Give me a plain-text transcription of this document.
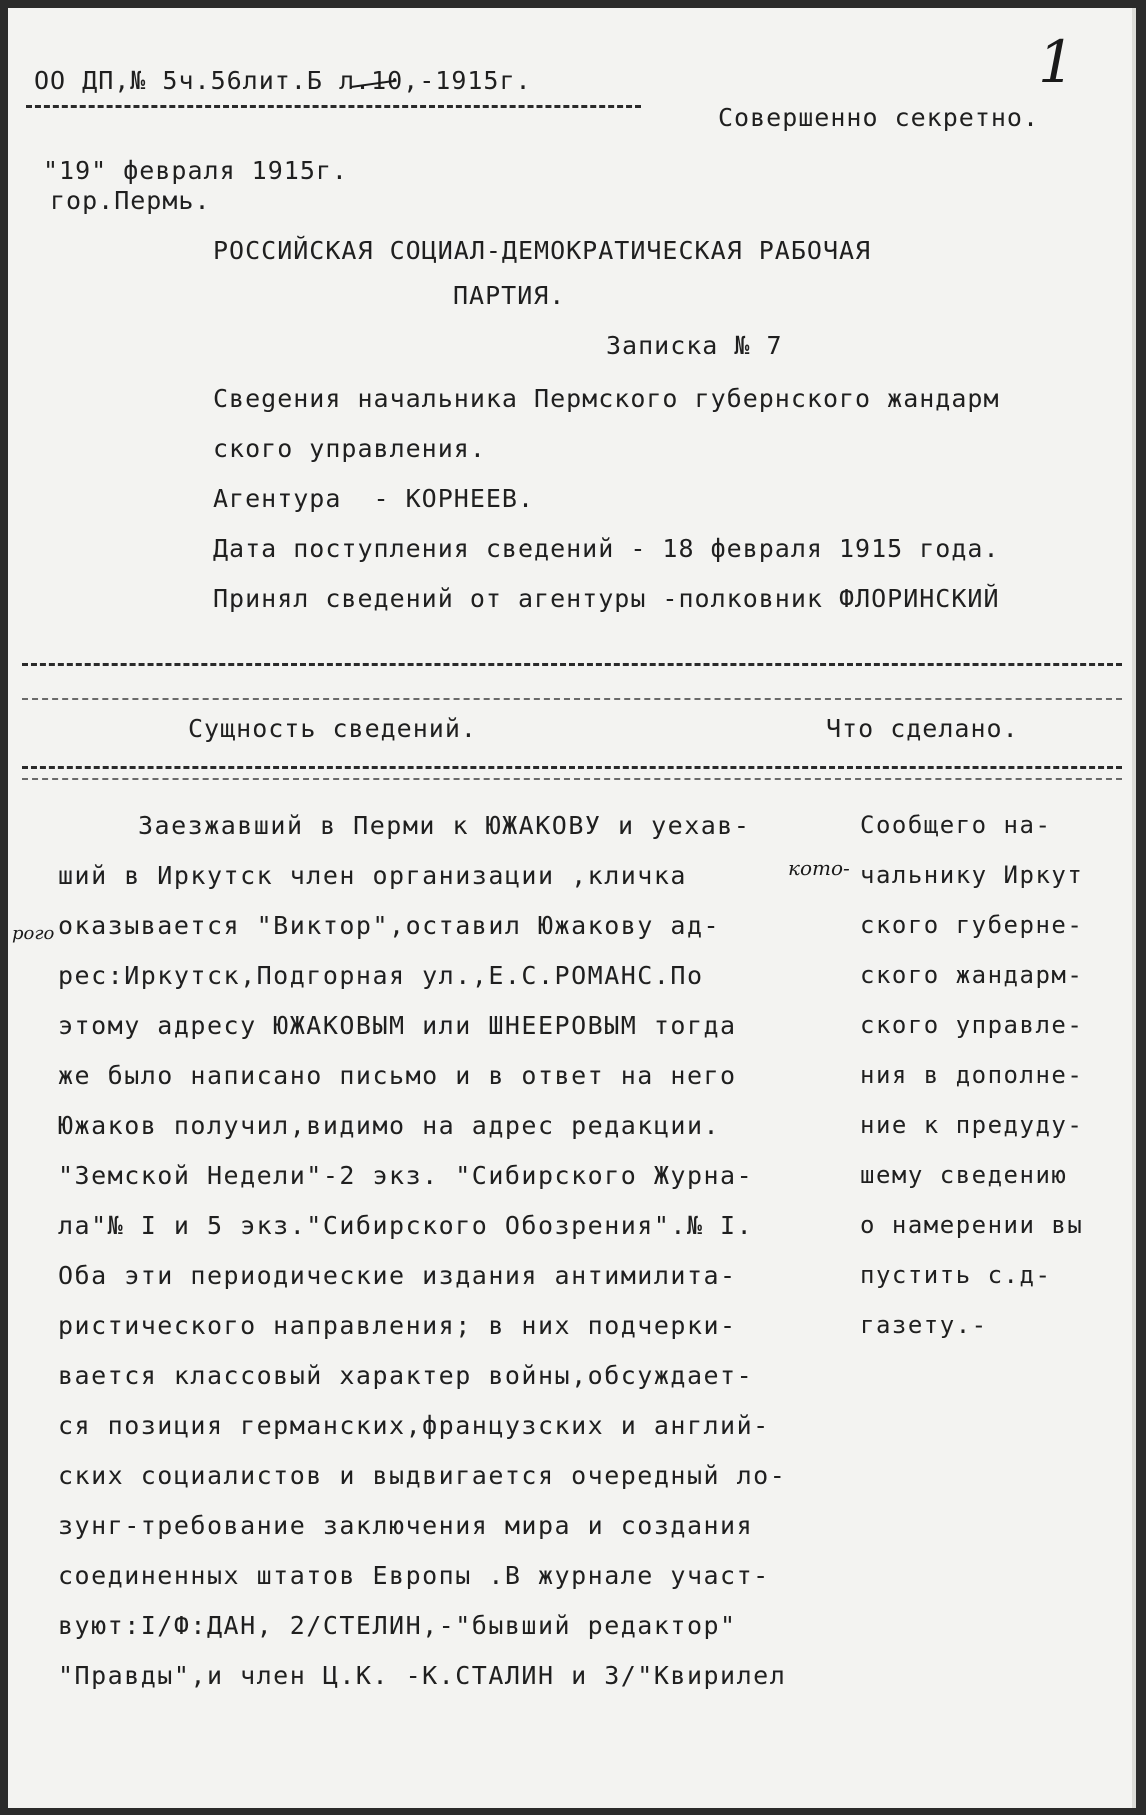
1
ОО ДП,№ 5ч.56лит.Б л.10,-1915г.
Совершенно секретно.
"19" февраля 1915г.
гор.Пермь.
РОССИЙСКАЯ СОЦИАЛ-ДЕМОКРАТИЧЕСКАЯ РАБОЧАЯ
ПАРТИЯ.
Записка № 7
Свеgения начальника Пермского губернского жандарм
ского управления.
Агентура  - КОРНЕЕВ.
Дата поступления сведений - 18 февраля 1915 года.
Принял сведений от агентуры -полковник ФЛОРИНСКИЙ
Сущность сведений.	Что сделано.
Заезжавший в Перми к ЮЖАКОВУ и уехав-
ший в Иркутск член организации ,кличка
оказывается "Виктор",оставил Южакову ад-
рес:Иркутск,Подгорная ул.,Е.С.РОМАНС.По
этому адресу ЮЖАКОВЫМ или ШНЕЕРОВЫМ тогда
же было написано письмо и в ответ на него
Южаков получил,видимо на адрес редакции.
"Земской Недели"-2 экз. "Сибирского Журна-
ла"№ I и 5 экз."Сибирского Обозрения".№ I.
Оба эти периодические издания антимилита-
ристического направления; в них подчерки-
вается классовый характер войны,обсуждает-
ся позиция германских,французских и англий-
ских социалистов и выдвигается очередный ло-
зунг-требование заключения мира и создания
соединенных штатов Европы .В журнале участ-
вуют:I/Ф:ДАН, 2/СТЕЛИН,-"бывший редактор"
"Правды",и член Ц.К. -К.СТАЛИН и 3/"Квирилел
кото-
рого
Сообщего на-
чальнику Иркут
ского губерне-
ского жандарм-
ского управле-
ния в дополне-
ние к предуду-
шему сведению
о намерении вы
пустить с.д-
газету.-
